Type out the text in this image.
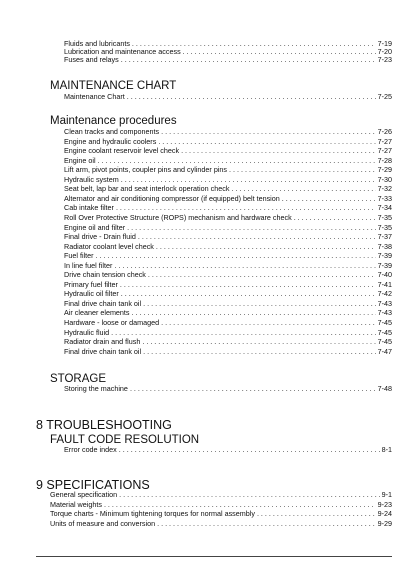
Fluids and lubricants . . .	7-19
Lubrication and maintenance access . . .	7-20
Fuses and relays . . .	7-23
MAINTENANCE CHART
Maintenance Chart . . .	7-25
Maintenance procedures
Clean tracks and components . . .	7-26
Engine and hydraulic coolers . . .	7-27
Engine coolant reservoir level check . . .	7-27
Engine oil . . .	7-28
Lift arm, pivot points, coupler pins and cylinder pins . . .	7-29
Hydraulic system . . .	7-30
Seat belt, lap bar and seat interlock operation check . . .	7-32
Alternator and air conditioning compressor (if equipped) belt tension . . .	7-33
Cab intake filter . . .	7-34
Roll Over Protective Structure (ROPS) mechanism and hardware check . . .	7-35
Engine oil and filter . . .	7-35
Final drive - Drain fluid . . .	7-37
Radiator coolant level check . . .	7-38
Fuel filter . . .	7-39
In line fuel filter . . .	7-39
Drive chain tension check . . .	7-40
Primary fuel filter . . .	7-41
Hydraulic oil filter . . .	7-42
Final drive chain tank oil . . .	7-43
Air cleaner elements . . .	7-43
Hardware - loose or damaged . . .	7-45
Hydraulic fluid . . .	7-45
Radiator drain and flush . . .	7-45
Final drive chain tank oil . . .	7-47
STORAGE
Storing the machine . . .	7-48
8 TROUBLESHOOTING
FAULT CODE RESOLUTION
Error code index . . .	8-1
9 SPECIFICATIONS
General specification . . .	9-1
Material weights . . .	9-23
Torque charts - Minimum tightening torques for normal assembly . . .	9-24
Units of measure and conversion . . .	9-29
